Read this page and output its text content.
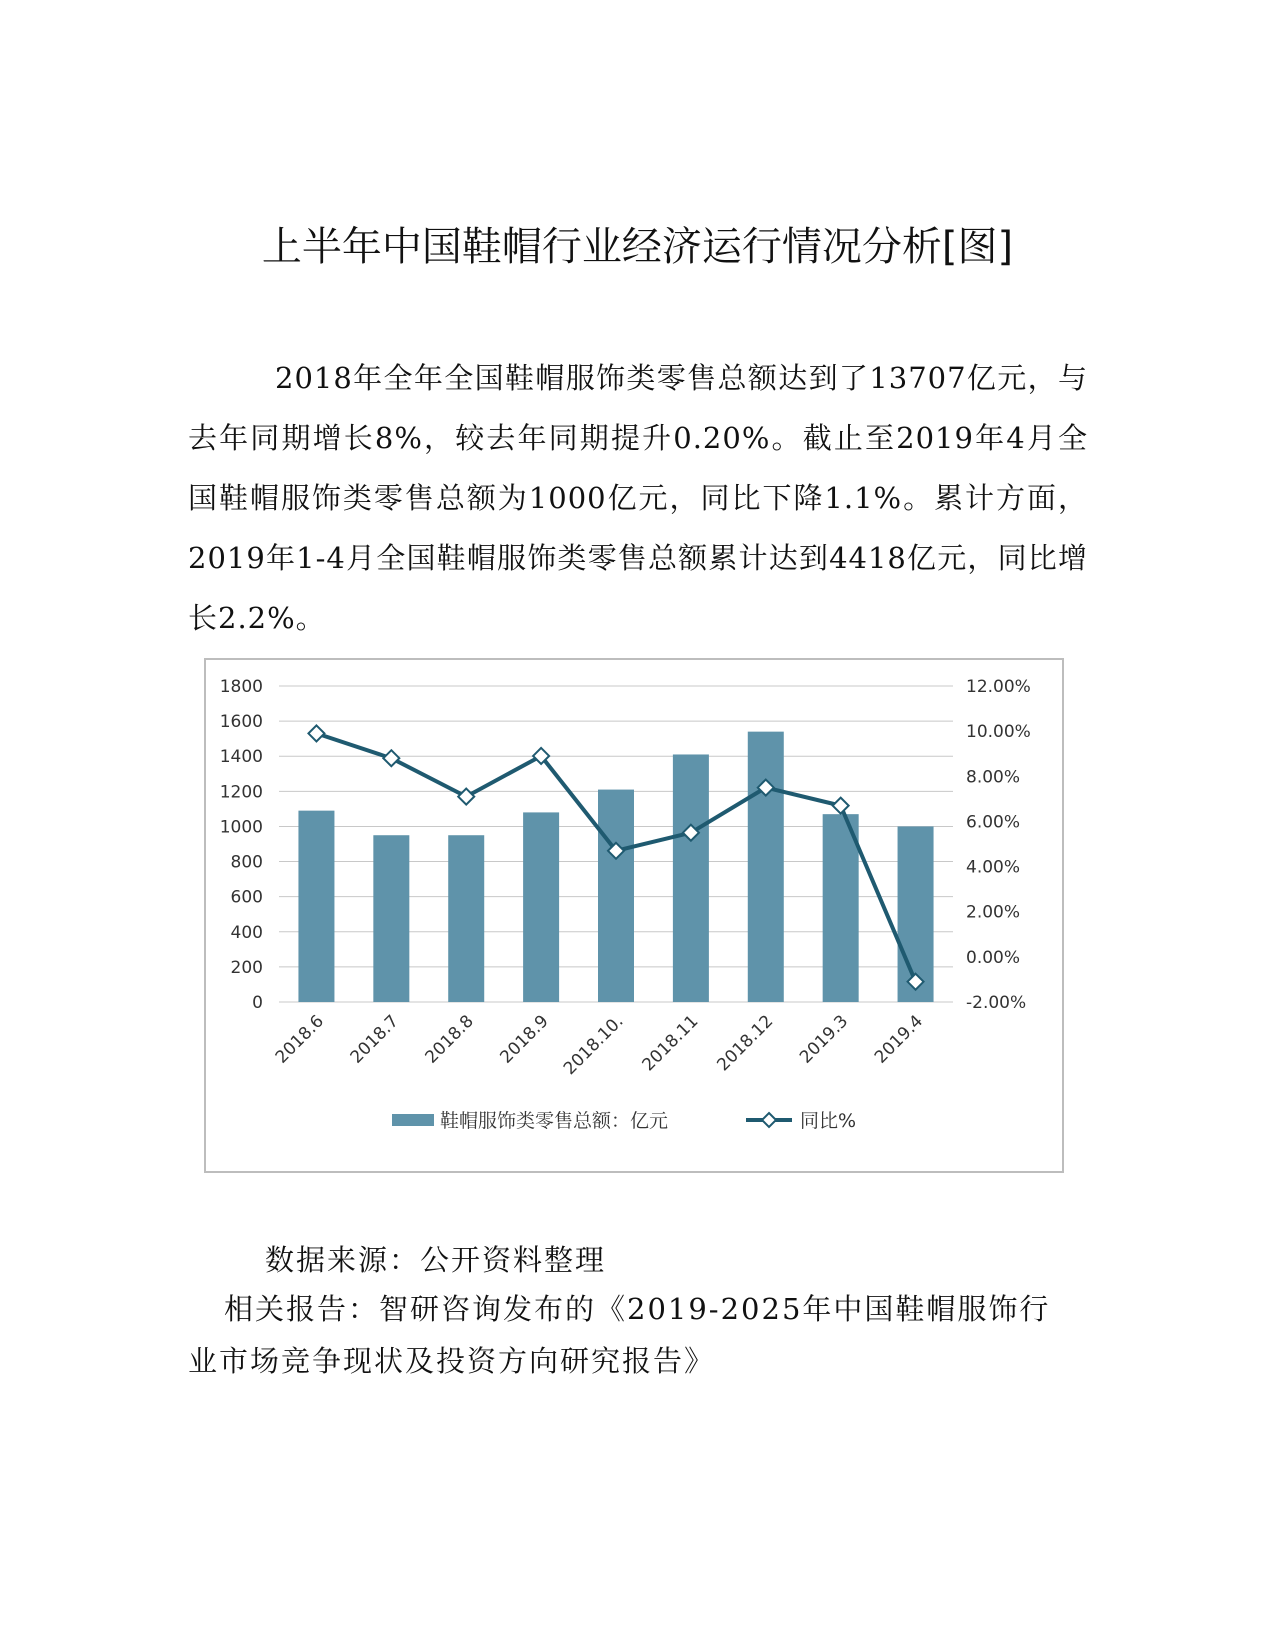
上半年中国鞋帽行业经济运行情况分析[图]

2018年全年全国鞋帽服饰类零售总额达到了13707亿元，与去年同期增长8%，较去年同期提升0.20%。截止至2019年4月全国鞋帽服饰类零售总额为1000亿元，同比下降1.1%。累计方面，2019年1-4月全国鞋帽服饰类零售总额累计达到4418亿元，同比增长2.2%。

0
200
400
600
800
1000
1200
1400
1600
1800
-2.00%
0.00%
2.00%
4.00%
6.00%
8.00%
10.00%
12.00%
2018.6 2018.7 2018.8 2018.9 2018.10. 2018.11 2018.12 2019.3 2019.4
鞋帽服饰类零售总额：亿元	同比%

数据来源：公开资料整理

相关报告：智研咨询发布的《2019-2025年中国鞋帽服饰行业市场竞争现状及投资方向研究报告》
